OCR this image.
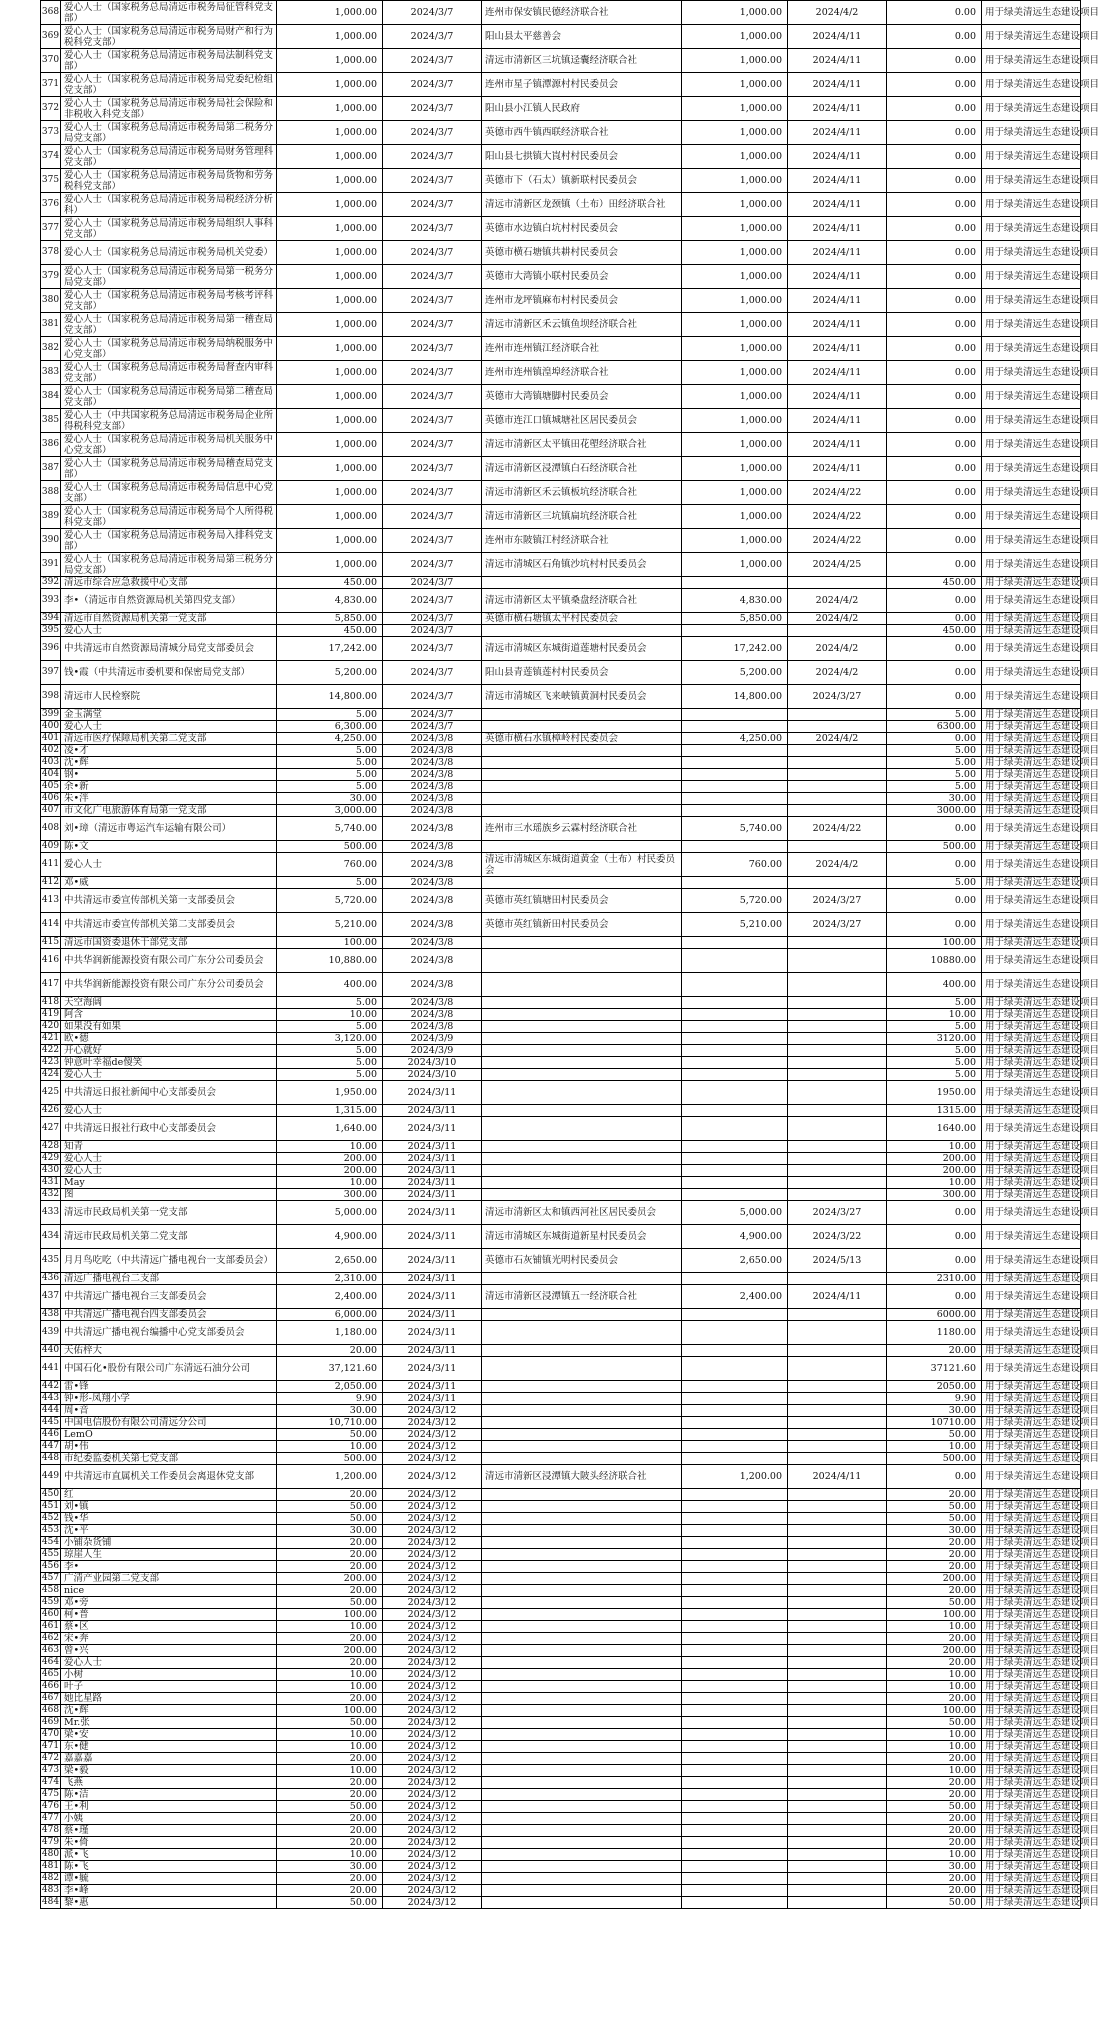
368	爱心人士（国家税务总局清远市税务局征管科党支部）	1,000.00	2024/3/7	连州市保安镇民德经济联合社	1,000.00	2024/4/2	0.00	用于绿美清远生态建设项目
369	爱心人士（国家税务总局清远市税务局财产和行为税科党支部）	1,000.00	2024/3/7	阳山县太平慈善会	1,000.00	2024/4/11	0.00	用于绿美清远生态建设项目
370	爱心人士（国家税务总局清远市税务局法制科党支部）	1,000.00	2024/3/7	清远市清新区三坑镇迳囊经济联合社	1,000.00	2024/4/11	0.00	用于绿美清远生态建设项目
371	爱心人士（国家税务总局清远市税务局党委纪检组党支部）	1,000.00	2024/3/7	连州市星子镇潭源村村民委员会	1,000.00	2024/4/11	0.00	用于绿美清远生态建设项目
372	爱心人士（国家税务总局清远市税务局社会保险和非税收入科党支部）	1,000.00	2024/3/7	阳山县小江镇人民政府	1,000.00	2024/4/11	0.00	用于绿美清远生态建设项目
373	爱心人士（国家税务总局清远市税务局第二税务分局党支部）	1,000.00	2024/3/7	英德市西牛镇西联经济联合社	1,000.00	2024/4/11	0.00	用于绿美清远生态建设项目
374	爱心人士（国家税务总局清远市税务局财务管理科党支部）	1,000.00	2024/3/7	阳山县七拱镇大崀村村民委员会	1,000.00	2024/4/11	0.00	用于绿美清远生态建设项目
375	爱心人士（国家税务总局清远市税务局货物和劳务税科党支部）	1,000.00	2024/3/7	英德市下（石太）镇新联村民委员会	1,000.00	2024/4/11	0.00	用于绿美清远生态建设项目
376	爱心人士（国家税务总局清远市税务局税经济分析科）	1,000.00	2024/3/7	清远市清新区龙颈镇（土布）田经济联合社	1,000.00	2024/4/11	0.00	用于绿美清远生态建设项目
377	爱心人士（国家税务总局清远市税务局组织人事科党支部）	1,000.00	2024/3/7	英德市水边镇白坑村村民委员会	1,000.00	2024/4/11	0.00	用于绿美清远生态建设项目
378	爱心人士（国家税务总局清远市税务局机关党委）	1,000.00	2024/3/7	英德市横石塘镇共耕村民委员会	1,000.00	2024/4/11	0.00	用于绿美清远生态建设项目
379	爱心人士（国家税务总局清远市税务局第一税务分局党支部）	1,000.00	2024/3/7	英德市大湾镇小联村民委员会	1,000.00	2024/4/11	0.00	用于绿美清远生态建设项目
380	爱心人士（国家税务总局清远市税务局考核考评科党支部）	1,000.00	2024/3/7	连州市龙坪镇麻布村村民委员会	1,000.00	2024/4/11	0.00	用于绿美清远生态建设项目
381	爱心人士（国家税务总局清远市税务局第一稽查局党支部）	1,000.00	2024/3/7	清远市清新区禾云镇鱼坝经济联合社	1,000.00	2024/4/11	0.00	用于绿美清远生态建设项目
382	爱心人士（国家税务总局清远市税务局纳税服务中心党支部）	1,000.00	2024/3/7	连州市连州镇江经济联合社	1,000.00	2024/4/11	0.00	用于绿美清远生态建设项目
383	爱心人士（国家税务总局清远市税务局督查内审科党支部）	1,000.00	2024/3/7	连州市连州镇湟埠经济联合社	1,000.00	2024/4/11	0.00	用于绿美清远生态建设项目
384	爱心人士（国家税务总局清远市税务局第二稽查局党支部）	1,000.00	2024/3/7	英德市大湾镇塘脚村民委员会	1,000.00	2024/4/11	0.00	用于绿美清远生态建设项目
385	爱心人士（中共国家税务总局清远市税务局企业所得税科党支部）	1,000.00	2024/3/7	英德市连江口镇城塘社区居民委员会	1,000.00	2024/4/11	0.00	用于绿美清远生态建设项目
386	爱心人士（国家税务总局清远市税务局机关服务中心党支部）	1,000.00	2024/3/7	清远市清新区太平镇田花塱经济联合社	1,000.00	2024/4/11	0.00	用于绿美清远生态建设项目
387	爱心人士（国家税务总局清远市税务局稽查局党支部）	1,000.00	2024/3/7	清远市清新区浸潭镇白石经济联合社	1,000.00	2024/4/11	0.00	用于绿美清远生态建设项目
388	爱心人士（国家税务总局清远市税务局信息中心党支部）	1,000.00	2024/3/7	清远市清新区禾云镇板坑经济联合社	1,000.00	2024/4/22	0.00	用于绿美清远生态建设项目
389	爱心人士（国家税务总局清远市税务局个人所得税科党支部）	1,000.00	2024/3/7	清远市清新区三坑镇扁坑经济联合社	1,000.00	2024/4/22	0.00	用于绿美清远生态建设项目
390	爱心人士（国家税务总局清远市税务局入排科党支部）	1,000.00	2024/3/7	连州市东陂镇江村经济联合社	1,000.00	2024/4/22	0.00	用于绿美清远生态建设项目
391	爱心人士（国家税务总局清远市税务局第三税务分局党支部）	1,000.00	2024/3/7	清远市清城区石角镇沙坑村村民委员会	1,000.00	2024/4/25	0.00	用于绿美清远生态建设项目
392	清远市综合应急救援中心支部	450.00	2024/3/7				450.00	用于绿美清远生态建设项目
393	李•（清远市自然资源局机关第四党支部）	4,830.00	2024/3/7	清远市清新区太平镇桑盘经济联合社	4,830.00	2024/4/2	0.00	用于绿美清远生态建设项目
394	清远市自然资源局机关第一党支部	5,850.00	2024/3/7	英德市横石塘镇太平村民委员会	5,850.00	2024/4/2	0.00	用于绿美清远生态建设项目
395	爱心人士	450.00	2024/3/7				450.00	用于绿美清远生态建设项目
396	中共清远市自然资源局清城分局党支部委员会	17,242.00	2024/3/7	清远市清城区东城街道莲塘村民委员会	17,242.00	2024/4/2	0.00	用于绿美清远生态建设项目
397	钱•霞（中共清远市委机要和保密局党支部）	5,200.00	2024/3/7	阳山县青莲镇莲村村民委员会	5,200.00	2024/4/2	0.00	用于绿美清远生态建设项目
398	清远市人民检察院	14,800.00	2024/3/7	清远市清城区飞来峡镇黄洞村民委员会	14,800.00	2024/3/27	0.00	用于绿美清远生态建设项目
399	金玉满堂	5.00	2024/3/7				5.00	用于绿美清远生态建设项目
400	爱心人士	6,300.00	2024/3/7				6300.00	用于绿美清远生态建设项目
401	清远市医疗保障局机关第二党支部	4,250.00	2024/3/8	英德市横石水镇樟岭村民委员会	4,250.00	2024/4/2	0.00	用于绿美清远生态建设项目
402	凌•才	5.00	2024/3/8				5.00	用于绿美清远生态建设项目
403	沈•辉	5.00	2024/3/8				5.00	用于绿美清远生态建设项目
404	钢•	5.00	2024/3/8				5.00	用于绿美清远生态建设项目
405	余•新	5.00	2024/3/8				5.00	用于绿美清远生态建设项目
406	朱•泮	30.00	2024/3/8				30.00	用于绿美清远生态建设项目
407	市文化广电旅游体育局第一党支部	3,000.00	2024/3/8				3000.00	用于绿美清远生态建设项目
408	刘•璋（清远市粤运汽车运输有限公司）	5,740.00	2024/3/8	连州市三水瑶族乡云霖村经济联合社	5,740.00	2024/4/22	0.00	用于绿美清远生态建设项目
409	陈•文	500.00	2024/3/8				500.00	用于绿美清远生态建设项目
411	爱心人士	760.00	2024/3/8	清远市清城区东城街道黄金（土布）村民委员会	760.00	2024/4/2	0.00	用于绿美清远生态建设项目
412	邓•威	5.00	2024/3/8				5.00	用于绿美清远生态建设项目
413	中共清远市委宣传部机关第一支部委员会	5,720.00	2024/3/8	英德市英红镇塘田村民委员会	5,720.00	2024/3/27	0.00	用于绿美清远生态建设项目
414	中共清远市委宣传部机关第二支部委员会	5,210.00	2024/3/8	英德市英红镇新田村民委员会	5,210.00	2024/3/27	0.00	用于绿美清远生态建设项目
415	清远市国资委退休干部党支部	100.00	2024/3/8				100.00	用于绿美清远生态建设项目
416	中共华润新能源投资有限公司广东分公司委员会	10,880.00	2024/3/8				10880.00	用于绿美清远生态建设项目
417	中共华润新能源投资有限公司广东分公司委员会	400.00	2024/3/8				400.00	用于绿美清远生态建设项目
418	天空海阔	5.00	2024/3/8				5.00	用于绿美清远生态建设项目
419	阿含	10.00	2024/3/8				10.00	用于绿美清远生态建设项目
420	如果没有如果	5.00	2024/3/8				5.00	用于绿美清远生态建设项目
421	欧•德	3,120.00	2024/3/9				3120.00	用于绿美清远生态建设项目
422	开心就好	5.00	2024/3/9				5.00	用于绿美清远生态建设项目
423	钟意叶幸福de傻笑	5.00	2024/3/10				5.00	用于绿美清远生态建设项目
424	爱心人士	5.00	2024/3/10				5.00	用于绿美清远生态建设项目
425	中共清远日报社新闻中心支部委员会	1,950.00	2024/3/11				1950.00	用于绿美清远生态建设项目
426	爱心人士	1,315.00	2024/3/11				1315.00	用于绿美清远生态建设项目
427	中共清远日报社行政中心支部委员会	1,640.00	2024/3/11				1640.00	用于绿美清远生态建设项目
428	知青	10.00	2024/3/11				10.00	用于绿美清远生态建设项目
429	爱心人士	200.00	2024/3/11				200.00	用于绿美清远生态建设项目
430	爱心人士	200.00	2024/3/11				200.00	用于绿美清远生态建设项目
431	May	10.00	2024/3/11				10.00	用于绿美清远生态建设项目
432	图	300.00	2024/3/11				300.00	用于绿美清远生态建设项目
433	清远市民政局机关第一党支部	5,000.00	2024/3/11	清远市清新区太和镇西河社区居民委员会	5,000.00	2024/3/27	0.00	用于绿美清远生态建设项目
434	清远市民政局机关第二党支部	4,900.00	2024/3/11	清远市清城区东城街道新星村民委员会	4,900.00	2024/3/22	0.00	用于绿美清远生态建设项目
435	月月鸟吃吃（中共清远广播电视台一支部委员会）	2,650.00	2024/3/11	英德市石灰铺镇光明村民委员会	2,650.00	2024/5/13	0.00	用于绿美清远生态建设项目
436	清远广播电视台二支部	2,310.00	2024/3/11				2310.00	用于绿美清远生态建设项目
437	中共清远广播电视台三支部委员会	2,400.00	2024/3/11	清远市清新区浸潭镇五一经济联合社	2,400.00	2024/4/11	0.00	用于绿美清远生态建设项目
438	中共清远广播电视台四支部委员会	6,000.00	2024/3/11				6000.00	用于绿美清远生态建设项目
439	中共清远广播电视台编播中心党支部委员会	1,180.00	2024/3/11				1180.00	用于绿美清远生态建设项目
440	天佑梓大	20.00	2024/3/11				20.00	用于绿美清远生态建设项目
441	中国石化•股份有限公司广东清远石油分公司	37,121.60	2024/3/11				37121.60	用于绿美清远生态建设项目
442	雷•锋	2,050.00	2024/3/11				2050.00	用于绿美清远生态建设项目
443	钟•形-凤翔小学	9.90	2024/3/11				9.90	用于绿美清远生态建设项目
444	周•音	30.00	2024/3/12				30.00	用于绿美清远生态建设项目
445	中国电信股份有限公司清远分公司	10,710.00	2024/3/12				10710.00	用于绿美清远生态建设项目
446	LemO	50.00	2024/3/12				50.00	用于绿美清远生态建设项目
447	胡•伟	10.00	2024/3/12				10.00	用于绿美清远生态建设项目
448	市纪委监委机关第七党支部	500.00	2024/3/12				500.00	用于绿美清远生态建设项目
449	中共清远市直属机关工作委员会离退休党支部	1,200.00	2024/3/12	清远市清新区浸潭镇大陂头经济联合社	1,200.00	2024/4/11	0.00	用于绿美清远生态建设项目
450	红	20.00	2024/3/12				20.00	用于绿美清远生态建设项目
451	刘•镇	50.00	2024/3/12				50.00	用于绿美清远生态建设项目
452	钱•华	50.00	2024/3/12				50.00	用于绿美清远生态建设项目
453	沈•平	30.00	2024/3/12				30.00	用于绿美清远生态建设项目
454	小铺杂货铺	20.00	2024/3/12				20.00	用于绿美清远生态建设项目
455	琼崖人生	20.00	2024/3/12				20.00	用于绿美清远生态建设项目
456	李•	20.00	2024/3/12				20.00	用于绿美清远生态建设项目
457	广清产业园第二党支部	200.00	2024/3/12				200.00	用于绿美清远生态建设项目
458	nice	20.00	2024/3/12				20.00	用于绿美清远生态建设项目
459	邓•旁	50.00	2024/3/12				50.00	用于绿美清远生态建设项目
460	柯•普	100.00	2024/3/12				100.00	用于绿美清远生态建设项目
461	蔡•区	10.00	2024/3/12				10.00	用于绿美清远生态建设项目
462	宋•奔	20.00	2024/3/12				20.00	用于绿美清远生态建设项目
463	曾•兴	200.00	2024/3/12				200.00	用于绿美清远生态建设项目
464	爱心人士	20.00	2024/3/12				20.00	用于绿美清远生态建设项目
465	小树	10.00	2024/3/12				10.00	用于绿美清远生态建设项目
466	叶子	10.00	2024/3/12				10.00	用于绿美清远生态建设项目
467	她比星路	20.00	2024/3/12				20.00	用于绿美清远生态建设项目
468	沈•辉	100.00	2024/3/12				100.00	用于绿美清远生态建设项目
469	Mr.张	50.00	2024/3/12				50.00	用于绿美清远生态建设项目
470	梁•安	10.00	2024/3/12				10.00	用于绿美清远生态建设项目
471	东•健	10.00	2024/3/12				10.00	用于绿美清远生态建设项目
472	嘉嘉嘉	20.00	2024/3/12				20.00	用于绿美清远生态建设项目
473	梁•毅	10.00	2024/3/12				10.00	用于绿美清远生态建设项目
474	飞燕	20.00	2024/3/12				20.00	用于绿美清远生态建设项目
475	陈•洁	20.00	2024/3/12				20.00	用于绿美清远生态建设项目
476	王•利	50.00	2024/3/12				50.00	用于绿美清远生态建设项目
477	小姨	20.00	2024/3/12				20.00	用于绿美清远生态建设项目
478	蔡•瑾	20.00	2024/3/12				20.00	用于绿美清远生态建设项目
479	朱•倚	20.00	2024/3/12				20.00	用于绿美清远生态建设项目
480	派•飞	10.00	2024/3/12				10.00	用于绿美清远生态建设项目
481	陈•飞	30.00	2024/3/12				30.00	用于绿美清远生态建设项目
482	谭•毓	20.00	2024/3/12				20.00	用于绿美清远生态建设项目
483	李•峰	20.00	2024/3/12				20.00	用于绿美清远生态建设项目
484	黎•惠	50.00	2024/3/12				50.00	用于绿美清远生态建设项目
